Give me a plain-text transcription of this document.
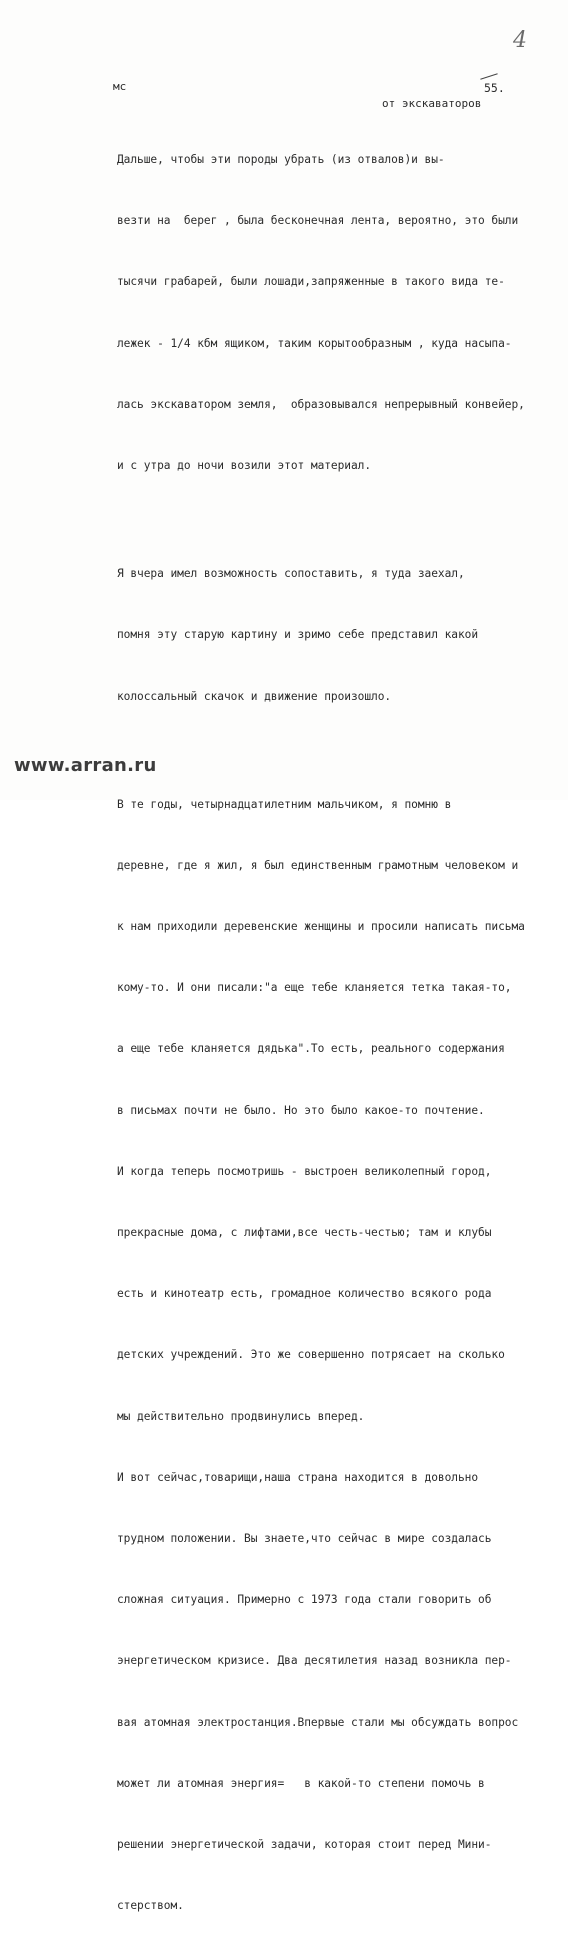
4
мс	55.
от экскаваторов

Дальше, чтобы эти породы убрать (из отвалов)и вы-

везти на  берег , была бесконечная лента, вероятно, это были

тысячи грабарей, были лошади,запряженные в такого вида те-

лежек - 1/4 кбм ящиком, таким корытообразным , куда насыпа-

лась экскаватором земля,  образовывался непрерывный конвейер,

и с утра до ночи возили этот материал.

Я вчера имел возможность сопоставить, я туда заехал,

помня эту старую картину и зримо себе представил какой

колоссальный скачок и движение произошло.

В те годы, четырнадцатилетним мальчиком, я помню в

деревне, где я жил, я был единственным грамотным человеком и

к нам приходили деревенские женщины и просили написать письма

кому-то. И они писали:"а еще тебе кланяется тетка такая-то,

а еще тебе кланяется дядька".То есть, реального содержания

в письмах почти не было. Но это было какое-то почтение.

И когда теперь посмотришь - выстроен великолепный город,

прекрасные дома, с лифтами,все честь-честью; там и клубы

есть и кинотеатр есть, громадное количество всякого рода

детских учреждений. Это же совершенно потрясает на сколько

мы действительно продвинулись вперед.

И вот сейчас,товарищи,наша страна находится в довольно

трудном положении. Вы знаете,что сейчас в мире создалась

сложная ситуация. Примерно с 1973 года стали говорить об

энергетическом кризисе. Два десятилетия назад возникла пер-

вая атомная электростанция.Впервые стали мы обсуждать вопрос

может ли атомная энергия=   в какой-то степени помочь в

решении энергетической задачи, которая стоит перед Мини-

стерством.

www.arran.ru
